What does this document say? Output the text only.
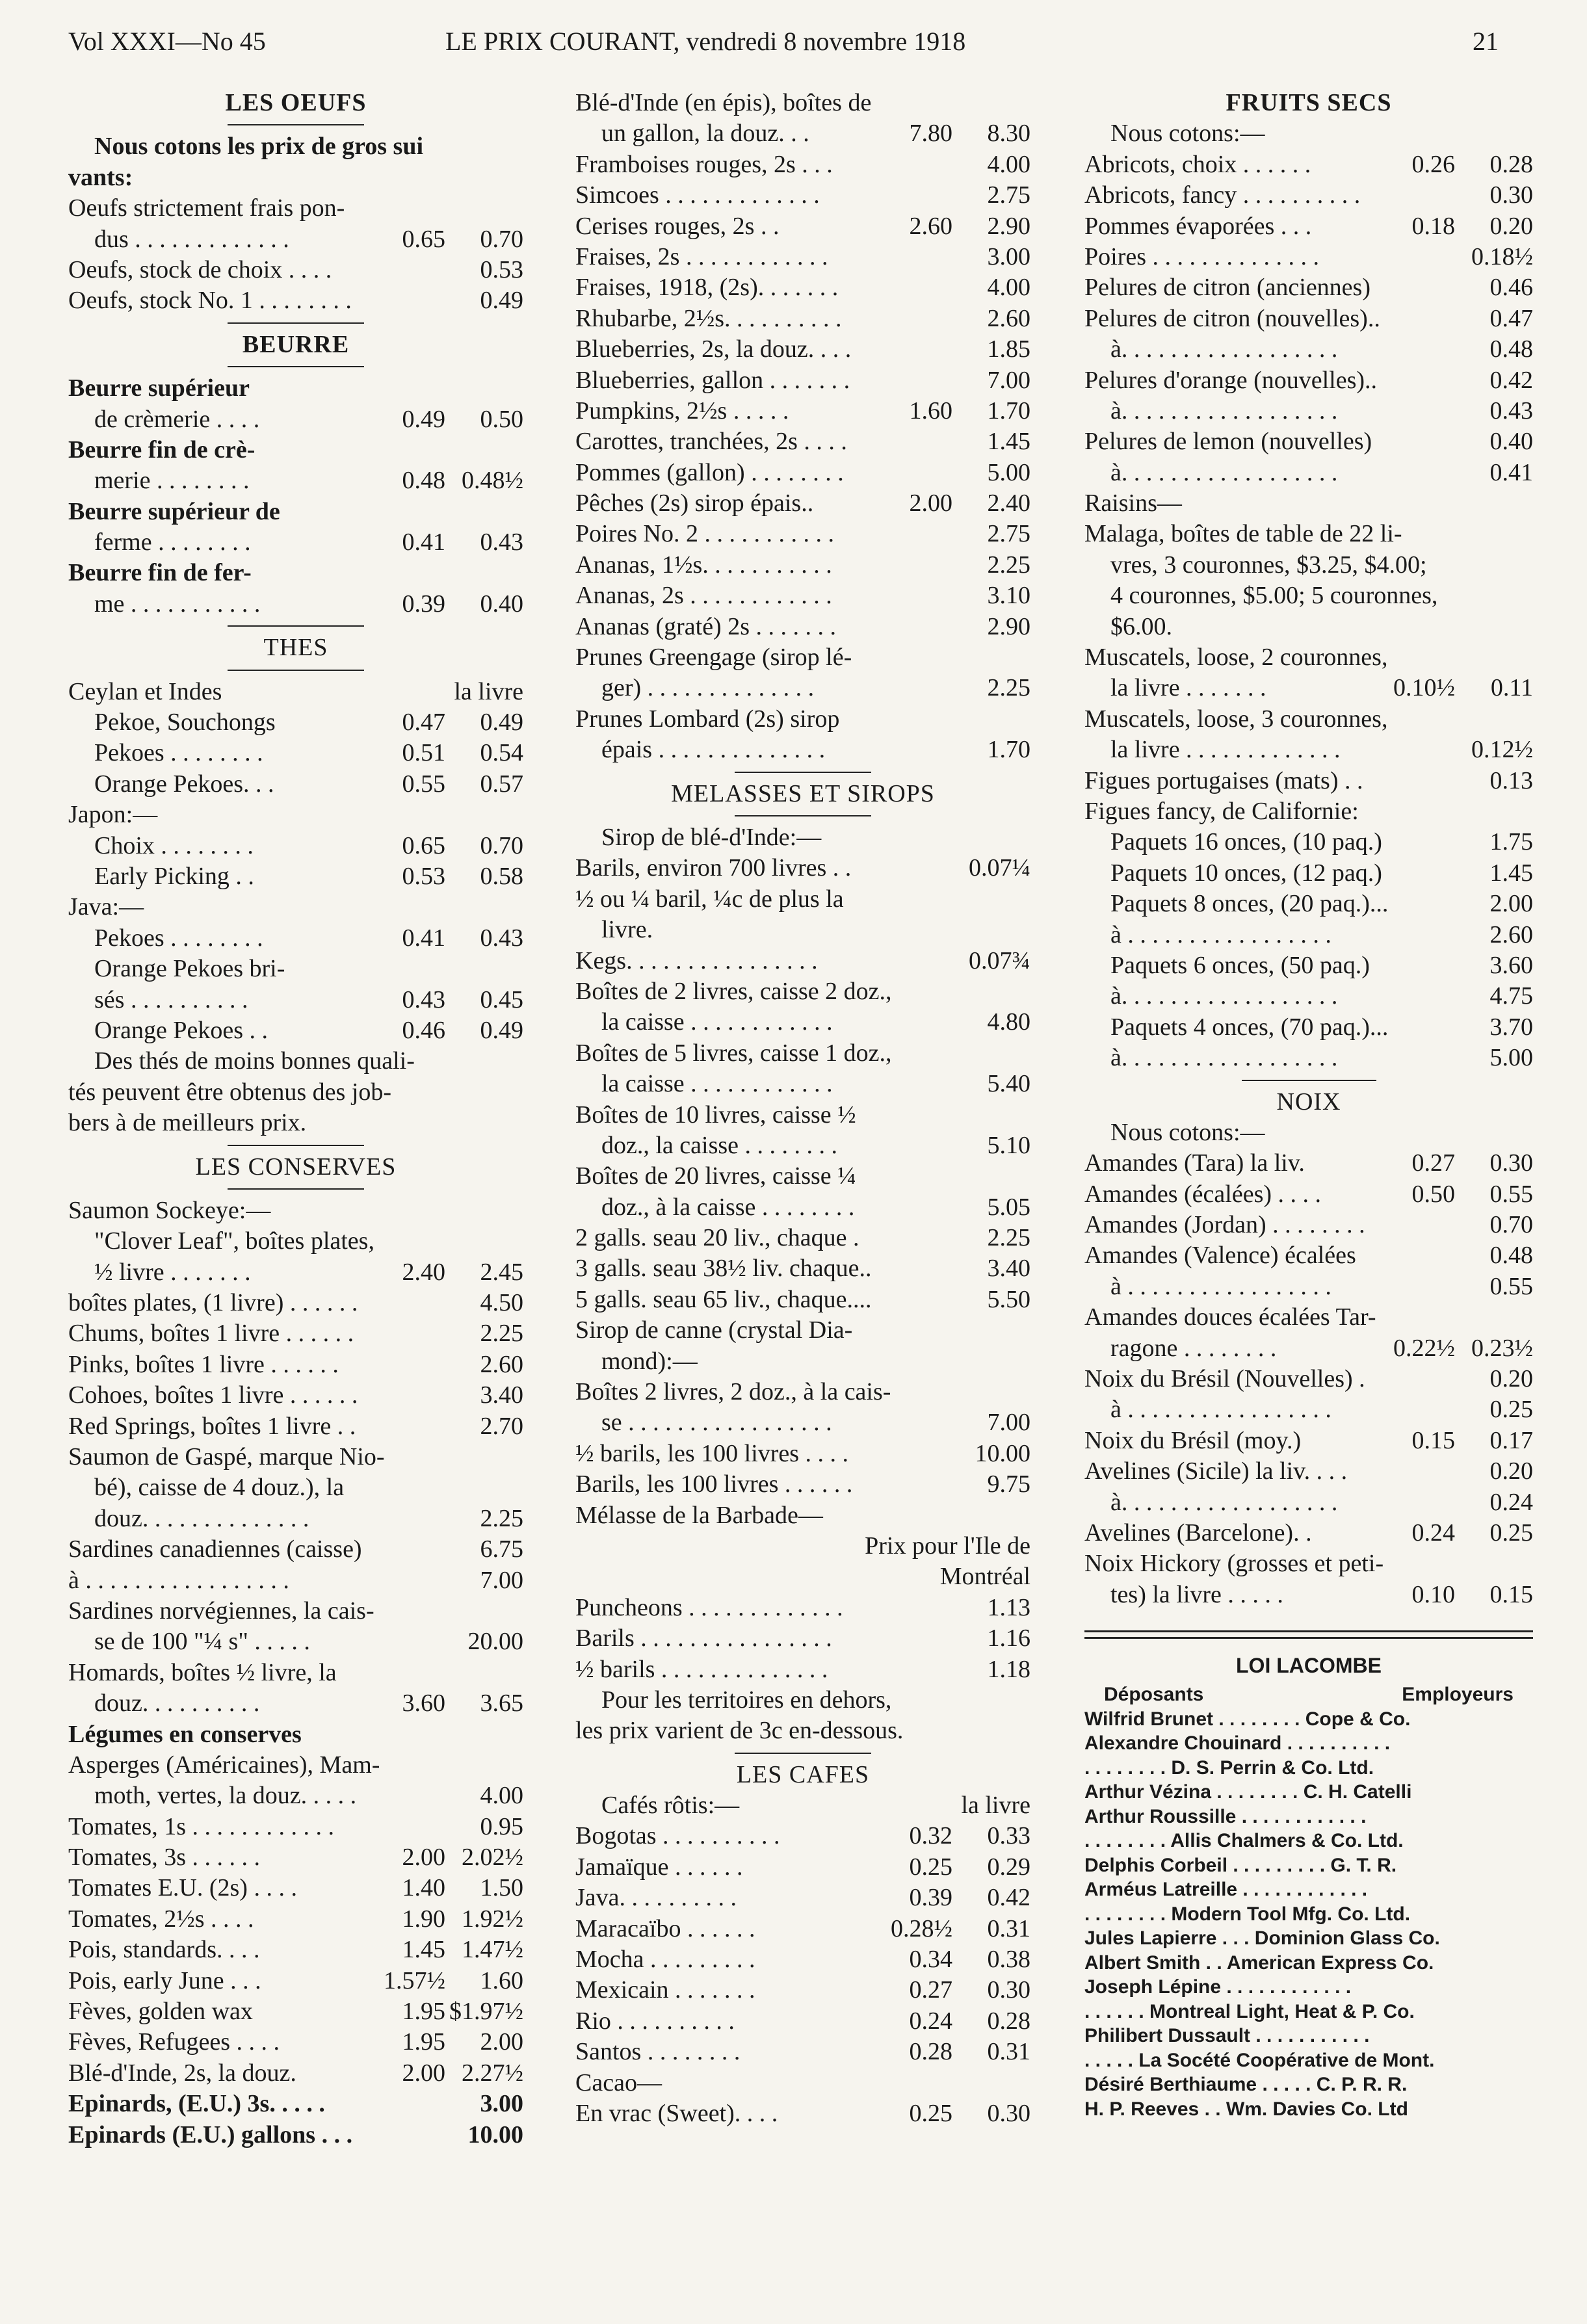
Vol XXXI—No 45	LE PRIX COURANT, vendredi 8 novembre 1918	21
LES OEUFS
Nous cotons les prix de gros sui
vants:
Oeufs strictement frais pon-
dus . . . . . . . . . . . . .	0.65 0.70
Oeufs, stock de choix . . . .	0.53
Oeufs, stock No. 1 . . . . . . . .	0.49
BEURRE
Beurre supérieur
de crèmerie . . . .	0.49 0.50
Beurre fin de crè-
merie . . . . . . . .	0.48 0.48½
Beurre supérieur de
ferme . . . . . . . .	0.41 0.43
Beurre fin de fer-
me . . . . . . . . . . .	0.39 0.40
THES
Ceylan et Indes	la livre
Pekoe, Souchongs	0.47 0.49
Pekoes . . . . . . . .	0.51 0.54
Orange Pekoes. . .	0.55 0.57
Japon:—
Choix . . . . . . . .	0.65 0.70
Early Picking . .	0.53 0.58
Java:—
Pekoes . . . . . . . .	0.41 0.43
Orange Pekoes bri-
sés . . . . . . . . . .	0.43 0.45
Orange Pekoes . .	0.46 0.49
Des thés de moins bonnes quali-
tés peuvent être obtenus des job-
bers à de meilleurs prix.
LES CONSERVES
Saumon Sockeye:—
"Clover Leaf", boîtes plates,
½ livre . . . . . . .	2.40 2.45
boîtes plates, (1 livre) . . . . . .	4.50
Chums, boîtes 1 livre . . . . . .	2.25
Pinks, boîtes 1 livre . . . . . .	2.60
Cohoes, boîtes 1 livre . . . . . .	3.40
Red Springs, boîtes 1 livre . .	2.70
Saumon de Gaspé, marque Nio-
bé), caisse de 4 douz.), la
douz. . . . . . . . . . . . . .	2.25
Sardines canadiennes (caisse)	6.75
à . . . . . . . . . . . . . . . . .	7.00
Sardines norvégiennes, la cais-
se de 100 "¼ s" . . . . .	20.00
Homards, boîtes ½ livre, la
douz. . . . . . . . . .	3.60 3.65
Légumes en conserves
Asperges (Américaines), Mam-
moth, vertes, la douz. . . . .	4.00
Tomates, 1s . . . . . . . . . . . .	0.95
Tomates, 3s . . . . . .	2.00 2.02½
Tomates E.U. (2s) . . . .	1.40 1.50
Tomates, 2½s . . . .	1.90 1.92½
Pois, standards. . . .	1.45 1.47½
Pois, early June . . .	1.57½ 1.60
Fèves, golden wax	1.95 $1.97½
Fèves, Refugees . . . .	1.95 2.00
Blé-d'Inde, 2s, la douz.	2.00 2.27½
Epinards, (E.U.) 3s. . . . .	3.00
Epinards (E.U.) gallons . . .	10.00
Blé-d'Inde (en épis), boîtes de
un gallon, la douz. . .	7.80 8.30
Framboises rouges, 2s . . .	4.00
Simcoes . . . . . . . . . . . . .	2.75
Cerises rouges, 2s . .	2.60 2.90
Fraises, 2s . . . . . . . . . . . .	3.00
Fraises, 1918, (2s). . . . . . .	4.00
Rhubarbe, 2½s. . . . . . . . . .	2.60
Blueberries, 2s, la douz. . . .	1.85
Blueberries, gallon . . . . . . .	7.00
Pumpkins, 2½s . . . . .	1.60 1.70
Carottes, tranchées, 2s . . . .	1.45
Pommes (gallon) . . . . . . . .	5.00
Pêches (2s) sirop épais..	2.00 2.40
Poires No. 2 . . . . . . . . . . .	2.75
Ananas, 1½s. . . . . . . . . . .	2.25
Ananas, 2s . . . . . . . . . . . .	3.10
Ananas (graté) 2s . . . . . . .	2.90
Prunes Greengage (sirop lé-
ger) . . . . . . . . . . . . . .	2.25
Prunes Lombard (2s) sirop
épais . . . . . . . . . . . . . .	1.70
MELASSES ET SIROPS
Sirop de blé-d'Inde:—
Barils, environ 700 livres . .	0.07¼
½ ou ¼ baril, ¼c de plus la
livre.
Kegs. . . . . . . . . . . . . . . .	0.07¾
Boîtes de 2 livres, caisse 2 doz.,
la caisse . . . . . . . . . . . .	4.80
Boîtes de 5 livres, caisse 1 doz.,
la caisse . . . . . . . . . . . .	5.40
Boîtes de 10 livres, caisse ½
doz., la caisse . . . . . . . .	5.10
Boîtes de 20 livres, caisse ¼
doz., à la caisse . . . . . . . .	5.05
2 galls. seau 20 liv., chaque .	2.25
3 galls. seau 38½ liv. chaque..	3.40
5 galls. seau 65 liv., chaque....	5.50
Sirop de canne (crystal Dia-
mond):—
Boîtes 2 livres, 2 doz., à la cais-
se . . . . . . . . . . . . . . . . .	7.00
½ barils, les 100 livres . . . .	10.00
Barils, les 100 livres . . . . . .	9.75
Mélasse de la Barbade—
Prix pour l'Ile de
Montréal
Puncheons . . . . . . . . . . . . .	1.13
Barils . . . . . . . . . . . . . . . .	1.16
½ barils . . . . . . . . . . . . . .	1.18
Pour les territoires en dehors,
les prix varient de 3c en-dessous.
LES CAFES
Cafés rôtis:—	la livre
Bogotas . . . . . . . . . .	0.32 0.33
Jamaïque . . . . . .	0.25 0.29
Java. . . . . . . . . .	0.39 0.42
Maracaïbo . . . . . .	0.28½ 0.31
Mocha . . . . . . . . .	0.34 0.38
Mexicain . . . . . . .	0.27 0.30
Rio . . . . . . . . . .	0.24 0.28
Santos . . . . . . . .	0.28 0.31
Cacao—
En vrac (Sweet). . . .	0.25 0.30
FRUITS SECS
Nous cotons:—
Abricots, choix . . . . . .	0.26 0.28
Abricots, fancy . . . . . . . . . .	0.30
Pommes évaporées . . .	0.18 0.20
Poires . . . . . . . . . . . . . .	0.18½
Pelures de citron (anciennes)	0.46
Pelures de citron (nouvelles)..	0.47
à. . . . . . . . . . . . . . . . . .	0.48
Pelures d'orange (nouvelles)..	0.42
à. . . . . . . . . . . . . . . . . .	0.43
Pelures de lemon (nouvelles)	0.40
à. . . . . . . . . . . . . . . . . .	0.41
Raisins—
Malaga, boîtes de table de 22 li-
vres, 3 couronnes, $3.25, $4.00;
4 couronnes, $5.00; 5 couronnes,
$6.00.
Muscatels, loose, 2 couronnes,
la livre . . . . . . .	0.10½ 0.11
Muscatels, loose, 3 couronnes,
la livre . . . . . . . . . . . . .	0.12½
Figues portugaises (mats) . .	0.13
Figues fancy, de Californie:
Paquets 16 onces, (10 paq.)	1.75
Paquets 10 onces, (12 paq.)	1.45
Paquets 8 onces, (20 paq.)...	2.00
à . . . . . . . . . . . . . . . . .	2.60
Paquets 6 onces, (50 paq.)	3.60
à. . . . . . . . . . . . . . . . . .	4.75
Paquets 4 onces, (70 paq.)...	3.70
à. . . . . . . . . . . . . . . . . .	5.00
NOIX
Nous cotons:—
Amandes (Tara) la liv.	0.27 0.30
Amandes (écalées) . . . .	0.50 0.55
Amandes (Jordan) . . . . . . . .	0.70
Amandes (Valence) écalées	0.48
à . . . . . . . . . . . . . . . . .	0.55
Amandes douces écalées Tar-
ragone . . . . . . . .	0.22½ 0.23½
Noix du Brésil (Nouvelles) .	0.20
à . . . . . . . . . . . . . . . . .	0.25
Noix du Brésil (moy.)	0.15 0.17
Avelines (Sicile) la liv. . . .	0.20
à. . . . . . . . . . . . . . . . . .	0.24
Avelines (Barcelone). .	0.24 0.25
Noix Hickory (grosses et peti-
tes) la livre . . . . .	0.10 0.15
LOI LACOMBE
Déposants	Employeurs
Wilfrid Brunet . . . . . . . . Cope & Co.
Alexandre Chouinard . . . . . . . . . .
. . . . . . . . D. S. Perrin & Co. Ltd.
Arthur Vézina . . . . . . . . C. H. Catelli
Arthur Roussille . . . . . . . . . . . .
. . . . . . . . Allis Chalmers & Co. Ltd.
Delphis Corbeil . . . . . . . . . G. T. R.
Arméus Latreille . . . . . . . . . . . .
. . . . . . . . Modern Tool Mfg. Co. Ltd.
Jules Lapierre . . . Dominion Glass Co.
Albert Smith . . American Express Co.
Joseph Lépine . . . . . . . . . . . .
. . . . . . Montreal Light, Heat & P. Co.
Philibert Dussault . . . . . . . . . . .
. . . . . La Socété Coopérative de Mont.
Désiré Berthiaume . . . . . C. P. R. R.
H. P. Reeves . . Wm. Davies Co. Ltd
